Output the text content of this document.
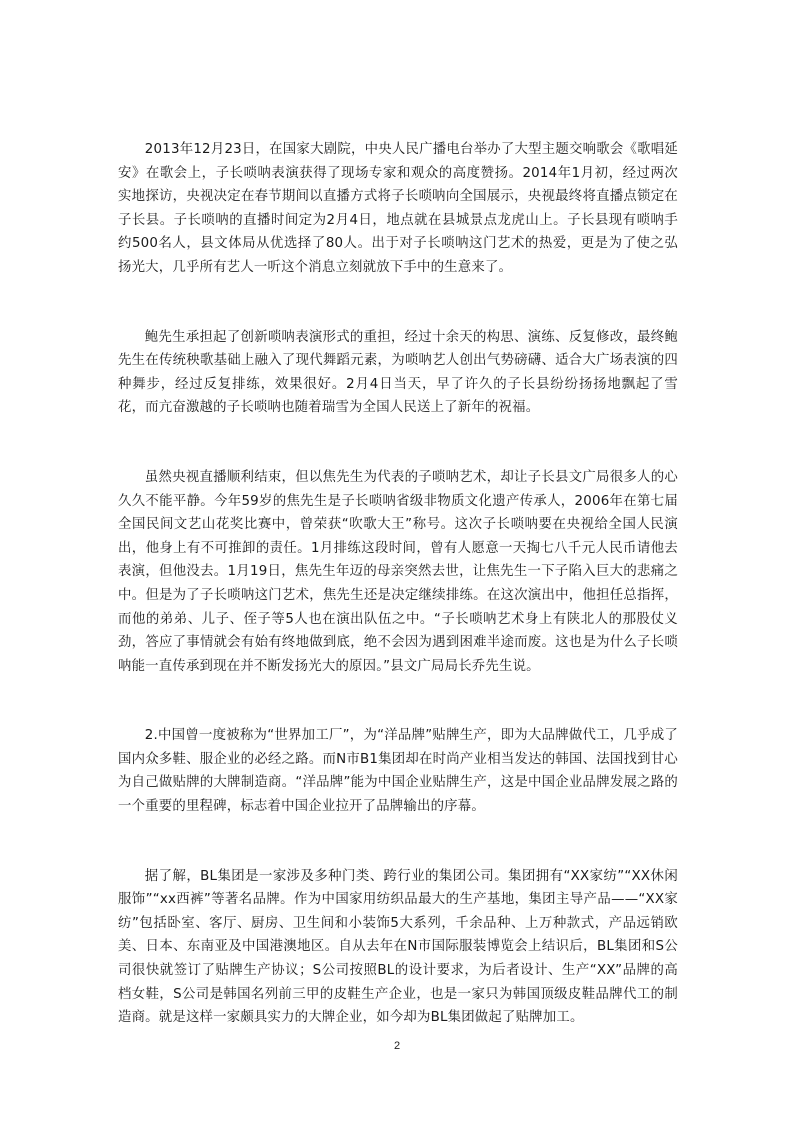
2013年12月23日，在国家大剧院，中央人民广播电台举办了大型主题交响歌会《歌唱延安》在歌会上，子长唢呐表演获得了现场专家和观众的高度赞扬。2014年1月初，经过两次实地探访，央视决定在春节期间以直播方式将子长唢呐向全国展示，央视最终将直播点锁定在子长县。子长唢呐的直播时间定为2月4日，地点就在县城景点龙虎山上。子长县现有唢呐手约500名人，县文体局从优选择了80人。出于对子长唢呐这门艺术的热爱，更是为了使之弘扬光大，几乎所有艺人一听这个消息立刻就放下手中的生意来了。

鲍先生承担起了创新唢呐表演形式的重担，经过十余天的构思、演练、反复修改，最终鲍先生在传统秧歌基础上融入了现代舞蹈元素，为唢呐艺人创出气势磅礴、适合大广场表演的四种舞步，经过反复排练，效果很好。2月4日当天，早了许久的子长县纷纷扬扬地飘起了雪花，而亢奋激越的子长唢呐也随着瑞雪为全国人民送上了新年的祝福。

虽然央视直播顺利结束，但以焦先生为代表的子唢呐艺术，却让子长县文广局很多人的心久久不能平静。今年59岁的焦先生是子长唢呐省级非物质文化遗产传承人，2006年在第七届全国民间文艺山花奖比赛中，曾荣获“吹歌大王”称号。这次子长唢呐要在央视给全国人民演出，他身上有不可推卸的责任。1月排练这段时间，曾有人愿意一天掏七八千元人民币请他去表演，但他没去。1月19日，焦先生年迈的母亲突然去世，让焦先生一下子陷入巨大的悲痛之中。但是为了子长唢呐这门艺术，焦先生还是决定继续排练。在这次演出中，他担任总指挥，而他的弟弟、儿子、侄子等5人也在演出队伍之中。“子长唢呐艺术身上有陕北人的那股仗义劲，答应了事情就会有始有终地做到底，绝不会因为遇到困难半途而废。这也是为什么子长唢呐能一直传承到现在并不断发扬光大的原因。”县文广局局长乔先生说。

2.中国曾一度被称为“世界加工厂”，为“洋品牌”贴牌生产，即为大品牌做代工，几乎成了国内众多鞋、服企业的必经之路。而N市B1集团却在时尚产业相当发达的韩国、法国找到甘心为自己做贴牌的大牌制造商。“洋品牌”能为中国企业贴牌生产，这是中国企业品牌发展之路的一个重要的里程碑，标志着中国企业拉开了品牌输出的序幕。

据了解，BL集团是一家涉及多种门类、跨行业的集团公司。集团拥有“XX家纺”“XX休闲服饰”“xx西裤”等著名品牌。作为中国家用纺织品最大的生产基地，集团主导产品——“XX家纺”包括卧室、客厅、厨房、卫生间和小装饰5大系列，千余品种、上万种款式，产品远销欧美、日本、东南亚及中国港澳地区。自从去年在N市国际服装博览会上结识后，BL集团和S公司很快就签订了贴牌生产协议；S公司按照BL的设计要求，为后者设计、生产“XX”品牌的高档女鞋，S公司是韩国名列前三甲的皮鞋生产企业，也是一家只为韩国顶级皮鞋品牌代工的制造商。就是这样一家颇具实力的大牌企业，如今却为BL集团做起了贴牌加工。

2
